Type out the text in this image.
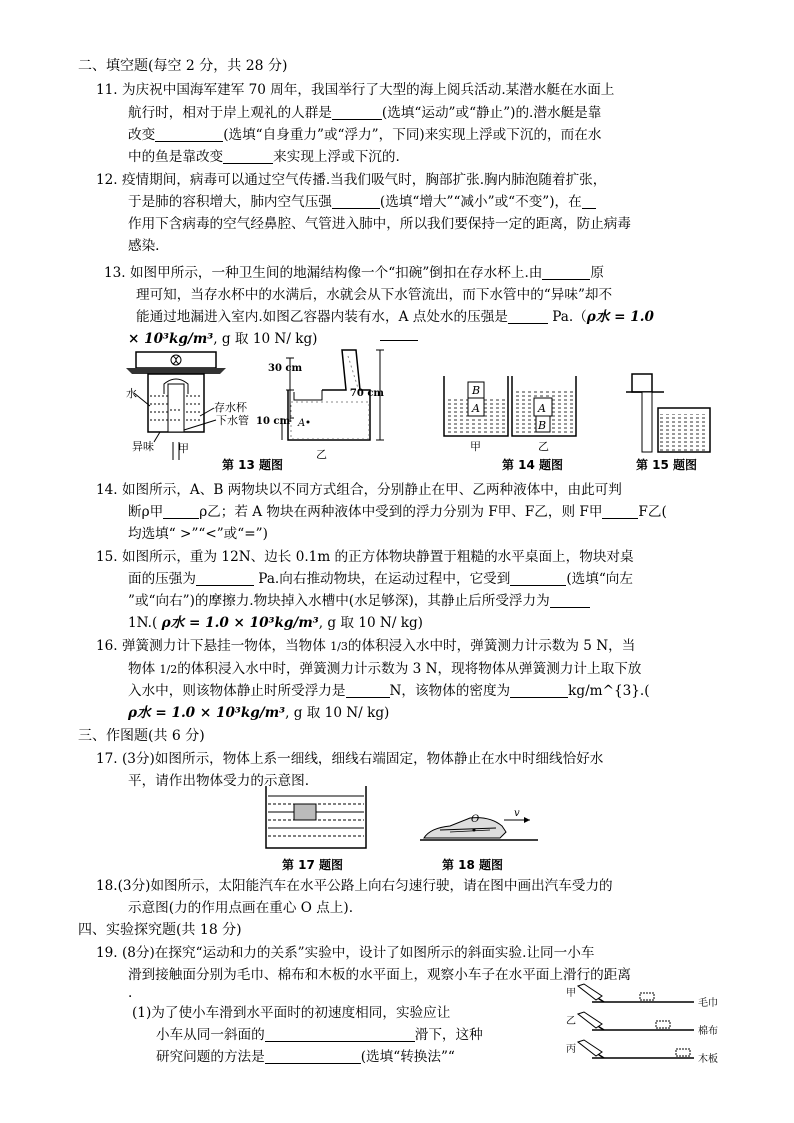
二、填空题(每空 2 分，共 28 分)
11. 为庆祝中国海军建军 70 周年，我国举行了大型的海上阅兵活动.某潜水艇在水面上
航行时，相对于岸上观礼的人群是	(选填“运动”或“静止”)的.潜水艇是靠
改变	(选填“自身重力”或“浮力”，下同)来实现上浮或下沉的，而在水
中的鱼是靠改变	来实现上浮或下沉的.
12. 疫情期间，病毒可以通过空气传播.当我们吸气时，胸部扩张.胸内肺泡随着扩张，
于是肺的容积增大，肺内空气压强	(选填“增大”“减小”或“不变”)，在
作用下含病毒的空气经鼻腔、气管进入肺中，所以我们要保持一定的距离，防止病毒
感染.
13. 如图甲所示，一种卫生间的地漏结构像一个“扣碗”倒扣在存水杯上.由	原
理可知，当存水杯中的水满后，水就会从下水管流出，而下水管中的“异味”却不
能通过地漏进入室内.如图乙容器内装有水，A 点处水的压强是	Pa.（ρ水 = 1.0
× 10³kg/m³, g 取 10 N/ kg)
水
存水杯
下水管
异味 甲
30 cm
70 cm
10 cm A
乙
第 13 题图
B
A	A
B
甲	乙
第 14 题图	第 15 题图
14. 如图所示，A、B 两物块以不同方式组合，分别静止在甲、乙两种液体中，由此可判
断ρ甲	ρ乙；若 A 物块在两种液体中受到的浮力分别为 F甲、F乙，则 F甲	F乙(
均选填“ >”“<”或“=”)
15. 如图所示，重为 12N、边长 0.1m 的正方体物块静置于粗糙的水平桌面上，物块对桌
面的压强为	Pa.向右推动物块，在运动过程中，它受到	(选填“向左
”或“向右”)的摩擦力.物块掉入水槽中(水足够深)，其静止后所受浮力为
1N.( ρ水 = 1.0 × 10³kg/m³, g 取 10 N/ kg)
16. 弹簧测力计下悬挂一物体，当物体 1/3的体积浸入水中时，弹簧测力计示数为 5 N，当
物体 1/2的体积浸入水中时，弹簧测力计示数为 3 N，现将物体从弹簧测力计上取下放
入水中，则该物体静止时所受浮力是	N，该物体的密度为	kg/m^{3}.(
ρ水 = 1.0 × 10³kg/m³, g 取 10 N/ kg)
三、作图题(共 6 分)
17. (3分)如图所示，物体上系一细线，细线右端固定，物体静止在水中时细线恰好水
平，请作出物体受力的示意图.
第 17 题图
O
v
第 18 题图
18.(3分)如图所示，太阳能汽车在水平公路上向右匀速行驶，请在图中画出汽车受力的
示意图(力的作用点画在重心 O 点上).
四、实验探究题(共 18 分)
19. (8分)在探究“运动和力的关系”实验中，设计了如图所示的斜面实验.让同一小车
滑到接触面分别为毛巾、棉布和木板的水平面上，观察小车子在水平面上滑行的距离
.
(1)为了使小车滑到水平面时的初速度相同，实验应让
小车从同一斜面的	滑下，这种
研究问题的方法是	(选填“转换法”“
甲
乙
丙
毛巾
棉布
木板
